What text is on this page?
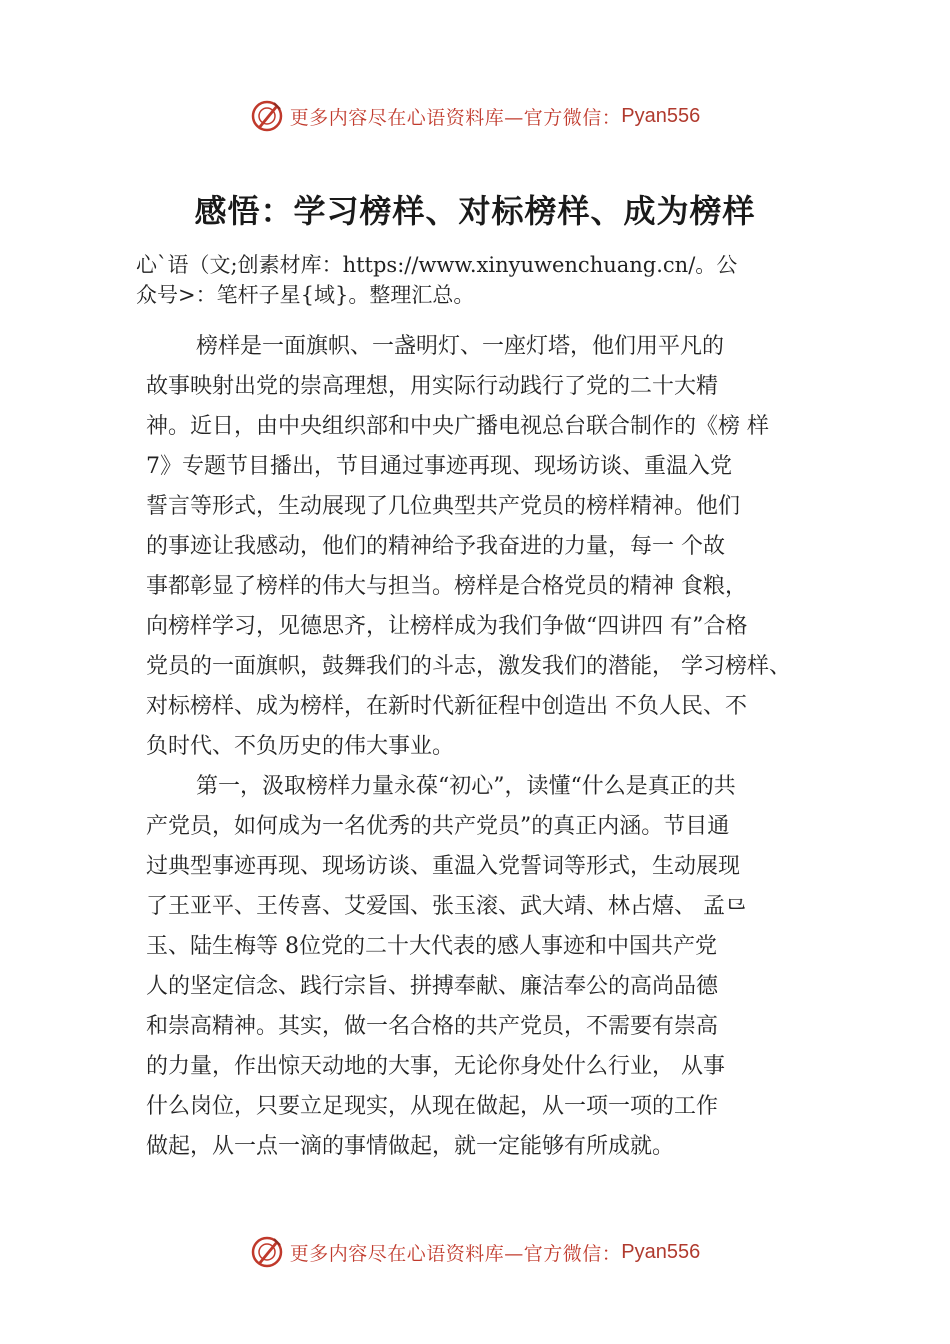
更多内容尽在心语资料库—官方微信： Pyan556
感悟：学习榜样、对标榜样、成为榜样
心`语（文;创素材库：https://www.xinyuwenchuang.cn/。公
众号>：笔杆子星{域}。整理汇总。
榜样是一面旗帜、一盏明灯、一座灯塔，他们用平凡的
故事映射出党的崇高理想，用实际行动践行了党的二十大精
神。近日，由中央组织部和中央广播电视总台联合制作的《榜 样
7》专题节目播出，节目通过事迹再现、现场访谈、重温入党
誓言等形式，生动展现了几位典型共产党员的榜样精神。他们
的事迹让我感动，他们的精神给予我奋进的力量，每一 个故
事都彰显了榜样的伟大与担当。榜样是合格党员的精神 食粮，
向榜样学习，见德思齐，让榜样成为我们争做“四讲四 有”合格
党员的一面旗帜，鼓舞我们的斗志，激发我们的潜能， 学习榜样、
对标榜样、成为榜样，在新时代新征程中创造出 不负人民、不
负时代、不负历史的伟大事业。
第一，汲取榜样力量永葆“初心”，读懂“什么是真正的共
产党员，如何成为一名优秀的共产党员”的真正内涵。节目通
过典型事迹再现、现场访谈、重温入党誓词等形式，生动展现
了王亚平、王传喜、艾爱国、张玉滚、武大靖、林占熺、 孟⺋
玉、陆生梅等 8位党的二十大代表的感人事迹和中国共产党
人的坚定信念、践行宗旨、拼搏奉献、廉洁奉公的高尚品德
和崇高精神。其实，做一名合格的共产党员，不需要有崇高
的力量，作出惊天动地的大事，无论你身处什么行业， 从事
什么岗位，只要立足现实，从现在做起，从一项一项的工作
做起，从一点一滴的事情做起，就一定能够有所成就。
更多内容尽在心语资料库—官方微信： Pyan556
